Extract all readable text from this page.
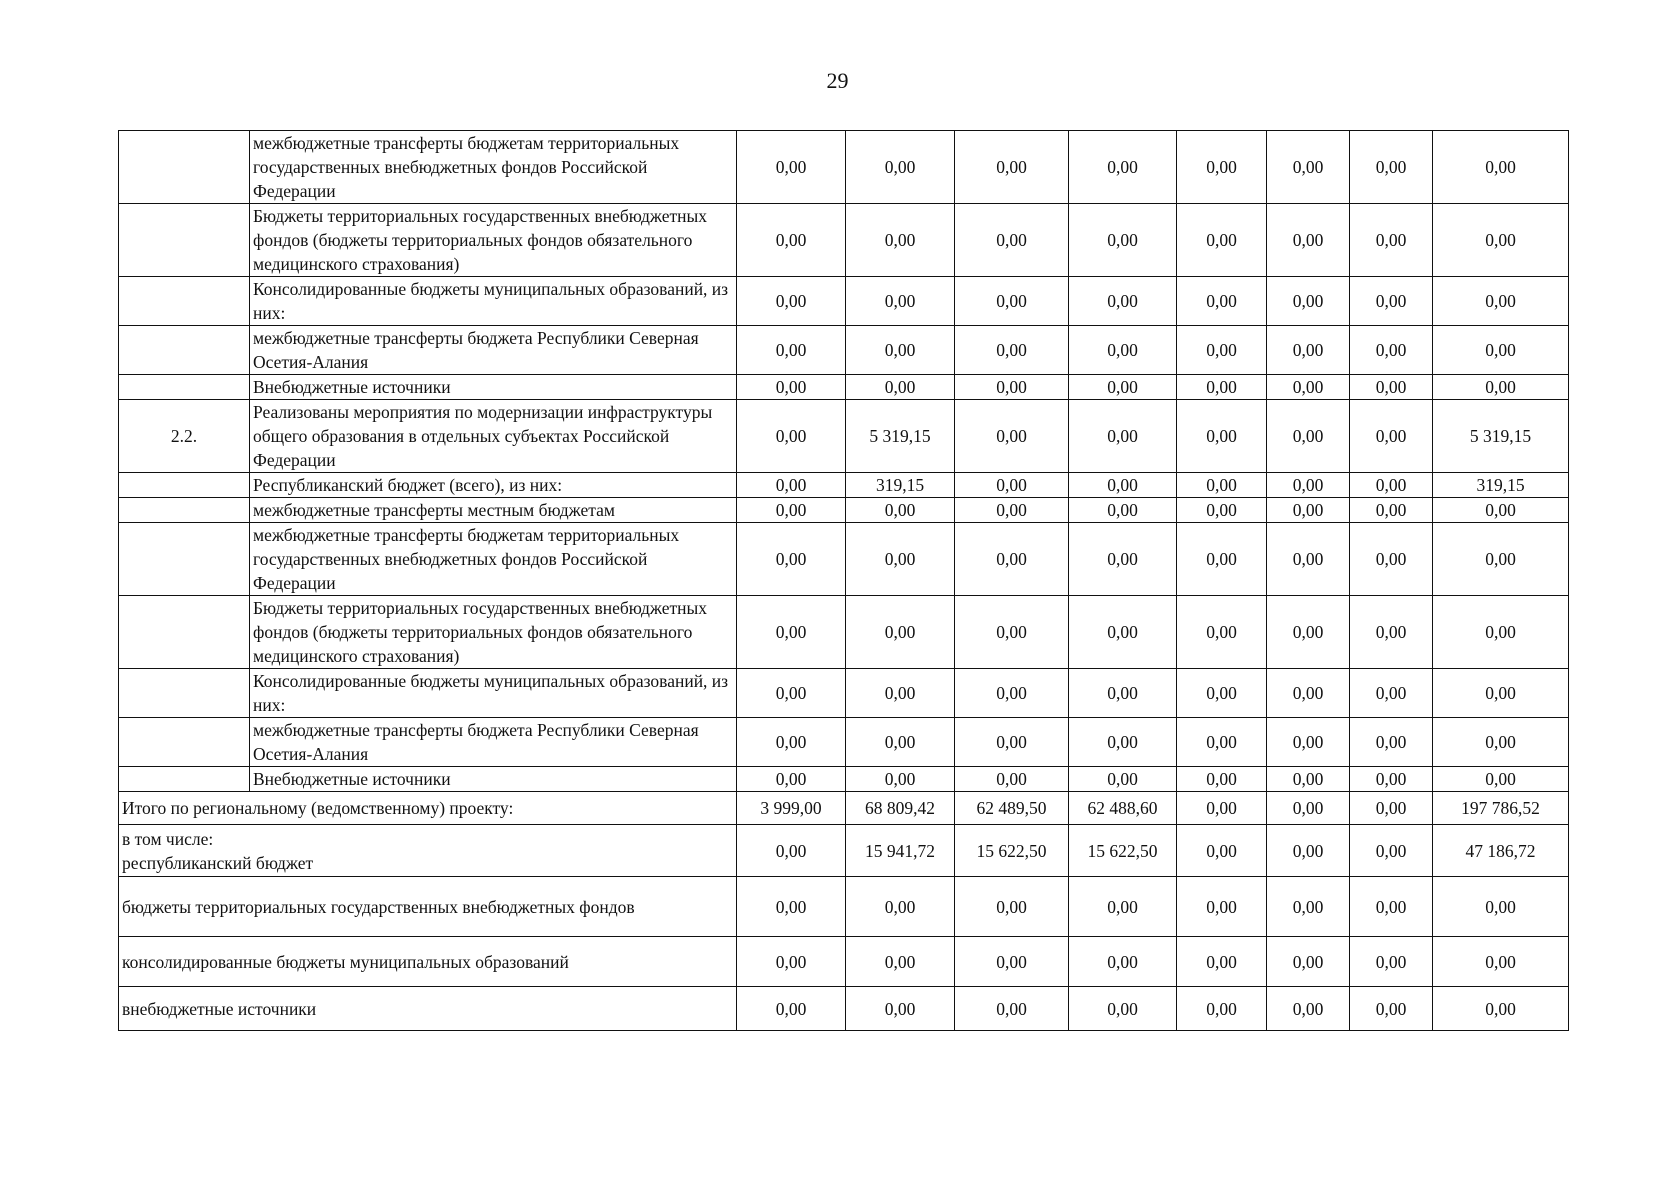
29
	межбюджетные трансферты бюджетам территориальных государственных внебюджетных фондов Российской Федерации	0,00	0,00	0,00	0,00	0,00	0,00	0,00	0,00
	Бюджеты территориальных государственных внебюджетных фондов (бюджеты территориальных фондов обязательного медицинского страхования)	0,00	0,00	0,00	0,00	0,00	0,00	0,00	0,00
	Консолидированные бюджеты муниципальных образований, из них:	0,00	0,00	0,00	0,00	0,00	0,00	0,00	0,00
	межбюджетные трансферты бюджета Республики Северная Осетия-Алания	0,00	0,00	0,00	0,00	0,00	0,00	0,00	0,00
	Внебюджетные источники	0,00	0,00	0,00	0,00	0,00	0,00	0,00	0,00
2.2.	Реализованы мероприятия по модернизации инфраструктуры общего образования в отдельных субъектах Российской Федерации	0,00	5 319,15	0,00	0,00	0,00	0,00	0,00	5 319,15
	Республиканский бюджет (всего), из них:	0,00	319,15	0,00	0,00	0,00	0,00	0,00	319,15
	межбюджетные трансферты местным бюджетам	0,00	0,00	0,00	0,00	0,00	0,00	0,00	0,00
	межбюджетные трансферты бюджетам территориальных государственных внебюджетных фондов Российской Федерации	0,00	0,00	0,00	0,00	0,00	0,00	0,00	0,00
	Бюджеты территориальных государственных внебюджетных фондов (бюджеты территориальных фондов обязательного медицинского страхования)	0,00	0,00	0,00	0,00	0,00	0,00	0,00	0,00
	Консолидированные бюджеты муниципальных образований, из них:	0,00	0,00	0,00	0,00	0,00	0,00	0,00	0,00
	межбюджетные трансферты бюджета Республики Северная Осетия-Алания	0,00	0,00	0,00	0,00	0,00	0,00	0,00	0,00
	Внебюджетные источники	0,00	0,00	0,00	0,00	0,00	0,00	0,00	0,00
Итого по региональному (ведомственному) проекту:		3 999,00	68 809,42	62 489,50	62 488,60	0,00	0,00	0,00	197 786,52

в том числе:
республиканский бюджет		0,00	15 941,72	15 622,50	15 622,50	0,00	0,00	0,00	47 186,72
бюджеты территориальных государственных внебюджетных фондов		0,00	0,00	0,00	0,00	0,00	0,00	0,00	0,00
консолидированные бюджеты муниципальных образований		0,00	0,00	0,00	0,00	0,00	0,00	0,00	0,00
внебюджетные источники		0,00	0,00	0,00	0,00	0,00	0,00	0,00	0,00
